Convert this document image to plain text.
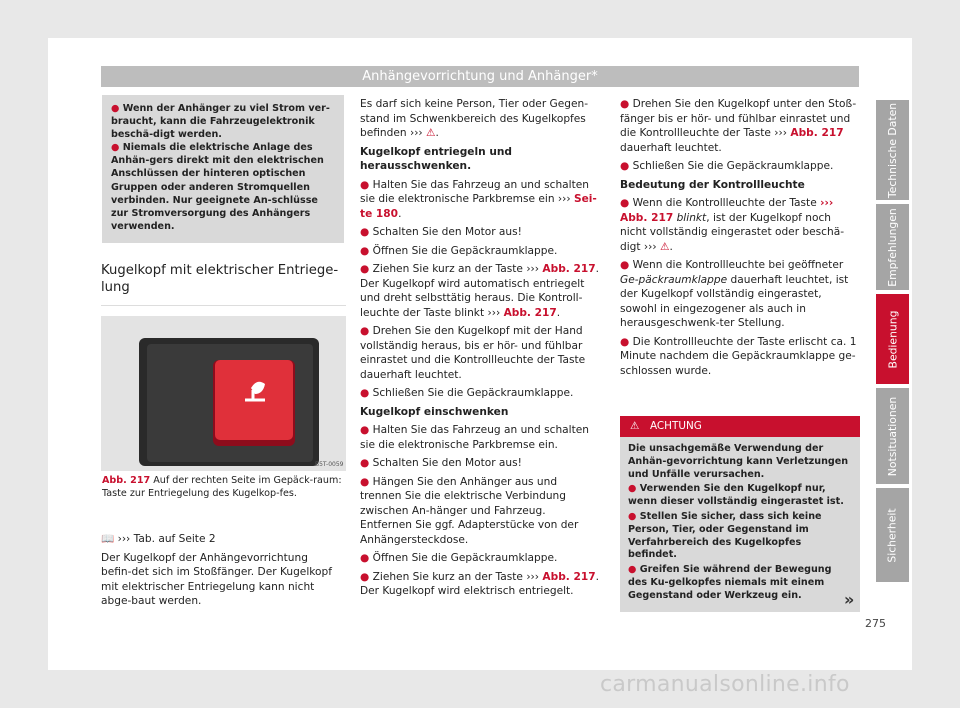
Anhängevorrichtung und Anhänger*

● Wenn der Anhänger zu viel Strom ver-braucht, kann die Fahrzeugelektronik beschä-digt werden.

● Niemals die elektrische Anlage des Anhän-gers direkt mit den elektrischen Anschlüssen der hinteren optischen Gruppen oder anderen Stromquellen verbinden. Nur geeignete An-schlüsse zur Stromversorgung des Anhängers verwenden.

Kugelkopf mit elektrischer Entriege-lung
B5T-0059
Abb. 217 Auf der rechten Seite im Gepäck-raum: Taste zur Entriegelung des Kugelkop-fes.

📖 ››› Tab. auf Seite 2

Der Kugelkopf der Anhängevorrichtung befin-det sich im Stoßfänger. Der Kugelkopf mit elektrischer Entriegelung kann nicht abge-baut werden.

Es darf sich keine Person, Tier oder Gegen-stand im Schwenkbereich des Kugelkopfes befinden ››› ⚠.

Kugelkopf entriegeln und herausschwenken.

● Halten Sie das Fahrzeug an und schalten sie die elektronische Parkbremse ein ››› Sei-te 180.

● Schalten Sie den Motor aus!

● Öffnen Sie die Gepäckraumklappe.

● Ziehen Sie kurz an der Taste ››› Abb. 217. Der Kugelkopf wird automatisch entriegelt und dreht selbsttätig heraus. Die Kontroll-leuchte der Taste blinkt ››› Abb. 217.

● Drehen Sie den Kugelkopf mit der Hand vollständig heraus, bis er hör- und fühlbar einrastet und die Kontrollleuchte der Taste dauerhaft leuchtet.

● Schließen Sie die Gepäckraumklappe.

Kugelkopf einschwenken

● Halten Sie das Fahrzeug an und schalten sie die elektronische Parkbremse ein.

● Schalten Sie den Motor aus!

● Hängen Sie den Anhänger aus und trennen Sie die elektrische Verbindung zwischen An-hänger und Fahrzeug. Entfernen Sie ggf. Adapterstücke von der Anhängersteckdose.

● Öffnen Sie die Gepäckraumklappe.

● Ziehen Sie kurz an der Taste ››› Abb. 217. Der Kugelkopf wird elektrisch entriegelt.

● Drehen Sie den Kugelkopf unter den Stoß-fänger bis er hör- und fühlbar einrastet und die Kontrollleuchte der Taste ››› Abb. 217 dauerhaft leuchtet.

● Schließen Sie die Gepäckraumklappe.

Bedeutung der Kontrollleuchte

● Wenn die Kontrollleuchte der Taste ››› Abb. 217 blinkt, ist der Kugelkopf noch nicht vollständig eingerastet oder beschä-digt ››› ⚠.

● Wenn die Kontrollleuchte bei geöffneter Ge-päckraumklappe dauerhaft leuchtet, ist der Kugelkopf vollständig eingerastet, sowohl in eingezogener als auch in herausgeschwenk-ter Stellung.

● Die Kontrollleuchte der Taste erlischt ca. 1 Minute nachdem die Gepäckraumklappe ge-schlossen wurde.

⚠ ACHTUNG

Die unsachgemäße Verwendung der Anhän-gevorrichtung kann Verletzungen und Unfälle verursachen.

● Verwenden Sie den Kugelkopf nur, wenn dieser vollständig eingerastet ist.

● Stellen Sie sicher, dass sich keine Person, Tier, oder Gegenstand im Verfahrbereich des Kugelkopfes befindet.

● Greifen Sie während der Bewegung des Ku-gelkopfes niemals mit einem Gegenstand oder Werkzeug ein.	»
Technische Daten
Empfehlungen
Bedienung
Notsituationen
Sicherheit
275
carmanualsonline.info
